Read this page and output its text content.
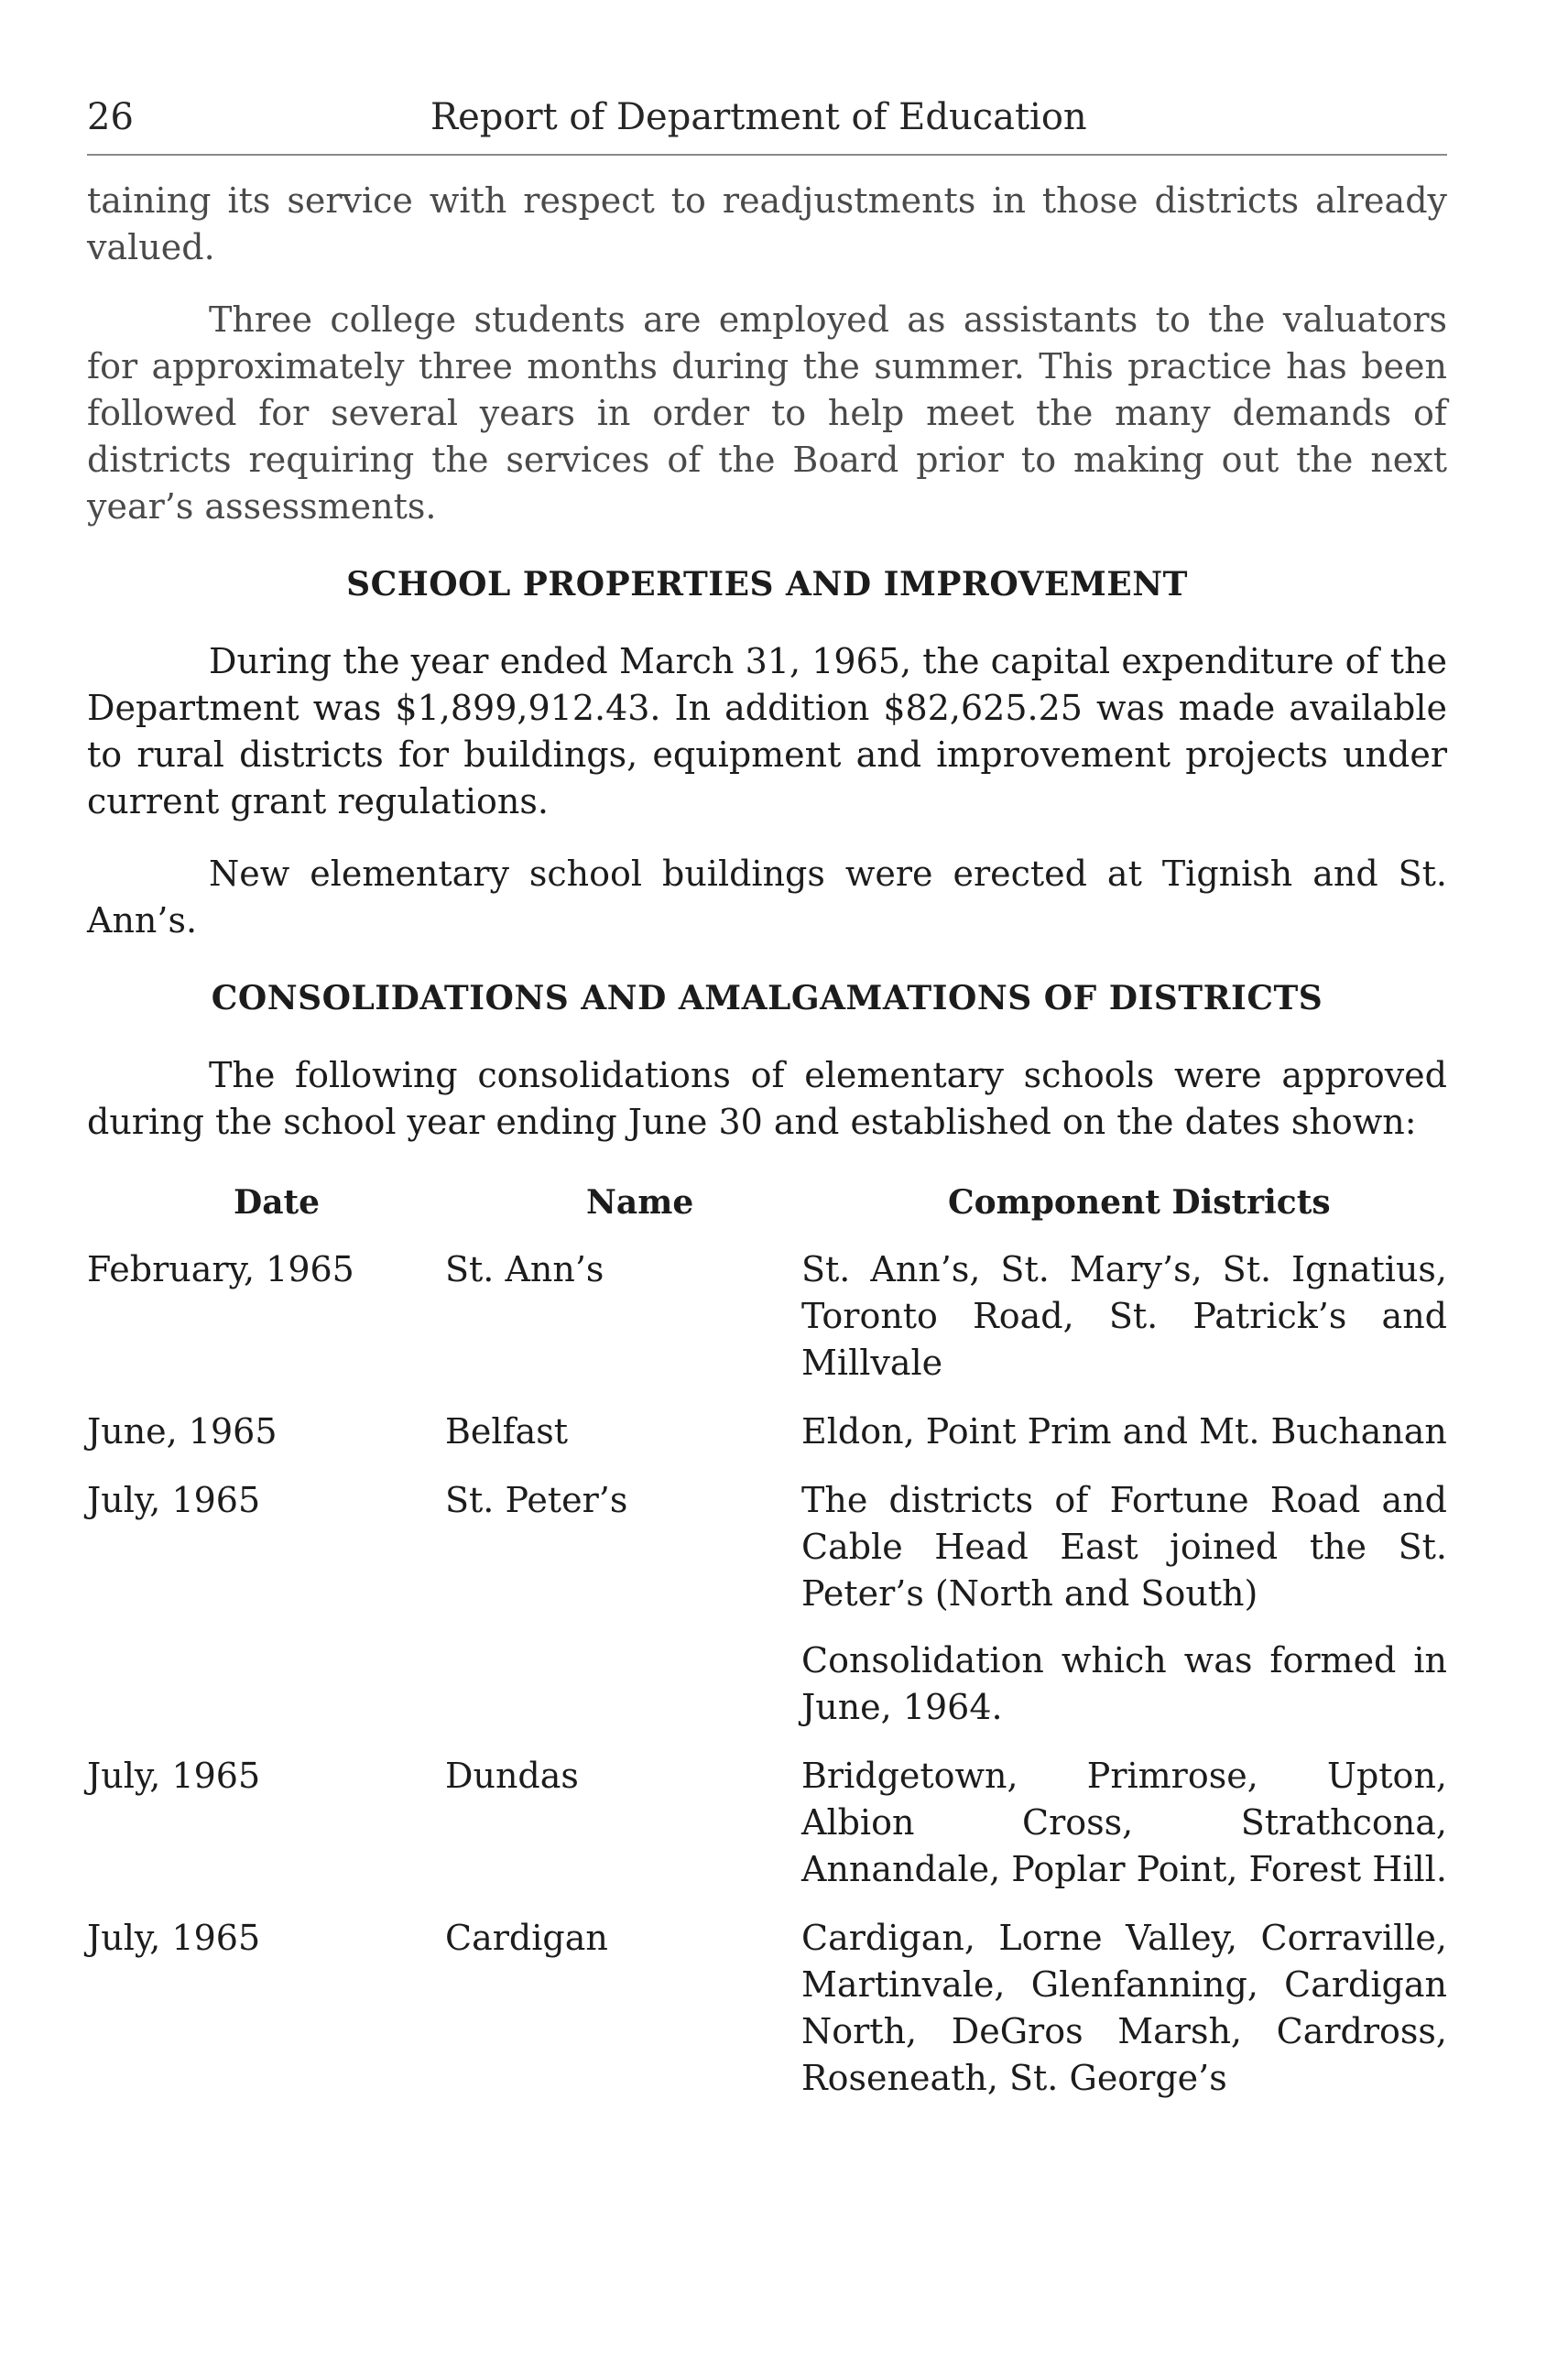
26	Report of Department of Education

taining its service with respect to readjustments in those districts already valued.

Three college students are employed as assistants to the valuators for approximately three months during the summer. This practice has been followed for several years in order to help meet the many demands of districts requiring the services of the Board prior to making out the next year’s assessments.

SCHOOL PROPERTIES AND IMPROVEMENT

During the year ended March 31, 1965, the capital expenditure of the Department was $1,899,912.43. In addition $82,625.25 was made available to rural districts for buildings, equipment and improvement projects under current grant regulations.

New elementary school buildings were erected at Tignish and St. Ann’s.

CONSOLIDATIONS AND AMALGAMATIONS OF DISTRICTS

The following consolidations of elementary schools were approved during the school year ending June 30 and established on the dates shown:

Date	Name	Component Districts
February, 1965	St. Ann’s	St. Ann’s, St. Mary’s, St. Ignatius, Toronto Road, St. Patrick’s and Millvale
June, 1965	Belfast	Eldon, Point Prim and Mt. Buchanan
July, 1965	St. Peter’s	The districts of Fortune Road and Cable Head East joined the St. Peter’s (North and South)
Consolidation which was formed in June, 1964.
July, 1965	Dundas	Bridgetown, Primrose, Upton, Albion Cross, Strathcona, Annandale, Poplar Point, Forest Hill.
July, 1965	Cardigan	Cardigan, Lorne Valley, Corraville, Martinvale, Glenfanning, Cardigan North, DeGros Marsh, Cardross, Roseneath, St. George’s
